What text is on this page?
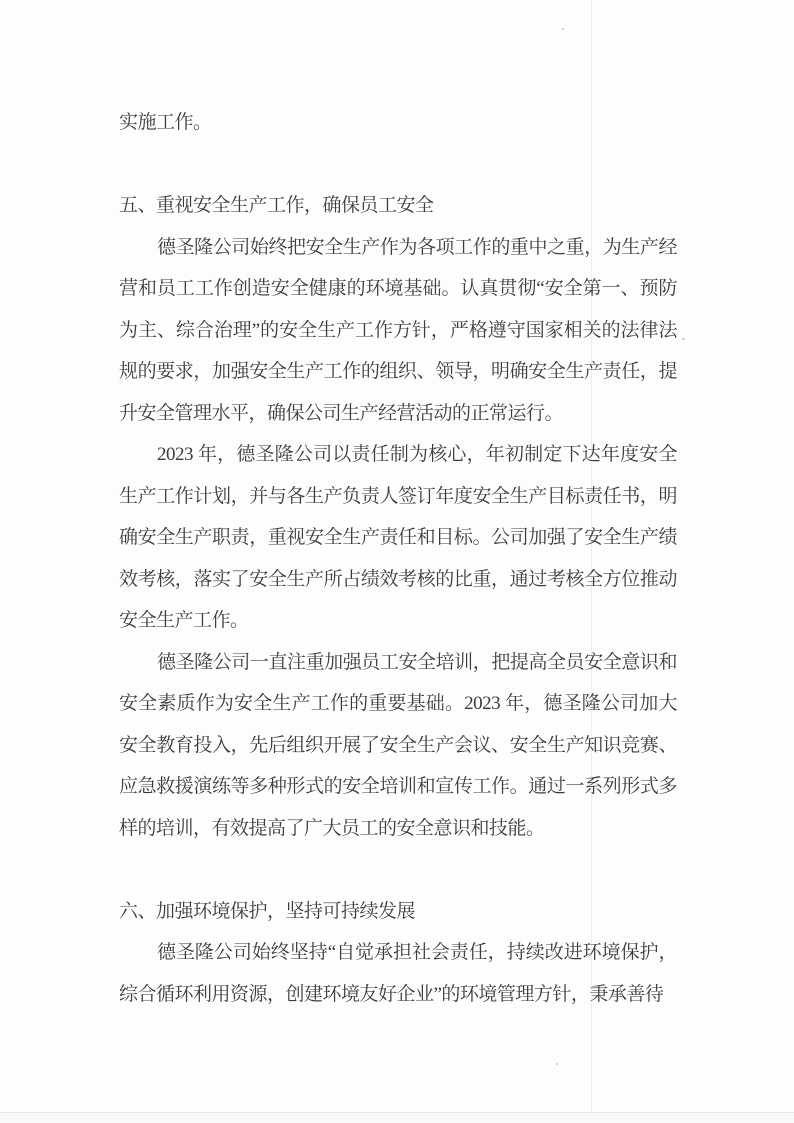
实施工作。

五、重视安全生产工作，确保员工安全

德圣隆公司始终把安全生产作为各项工作的重中之重，为生产经营和员工工作创造安全健康的环境基础。认真贯彻“安全第一、预防为主、综合治理”的安全生产工作方针，严格遵守国家相关的法律法规的要求，加强安全生产工作的组织、领导，明确安全生产责任，提升安全管理水平，确保公司生产经营活动的正常运行。

2023 年，德圣隆公司以责任制为核心，年初制定下达年度安全生产工作计划，并与各生产负责人签订年度安全生产目标责任书，明确安全生产职责，重视安全生产责任和目标。公司加强了安全生产绩效考核，落实了安全生产所占绩效考核的比重，通过考核全方位推动安全生产工作。

德圣隆公司一直注重加强员工安全培训，把提高全员安全意识和安全素质作为安全生产工作的重要基础。2023 年，德圣隆公司加大安全教育投入，先后组织开展了安全生产会议、安全生产知识竞赛、应急救援演练等多种形式的安全培训和宣传工作。通过一系列形式多样的培训，有效提高了广大员工的安全意识和技能。

六、加强环境保护，坚持可持续发展

德圣隆公司始终坚持“自觉承担社会责任，持续改进环境保护，综合循环利用资源，创建环境友好企业”的环境管理方针，秉承善待
